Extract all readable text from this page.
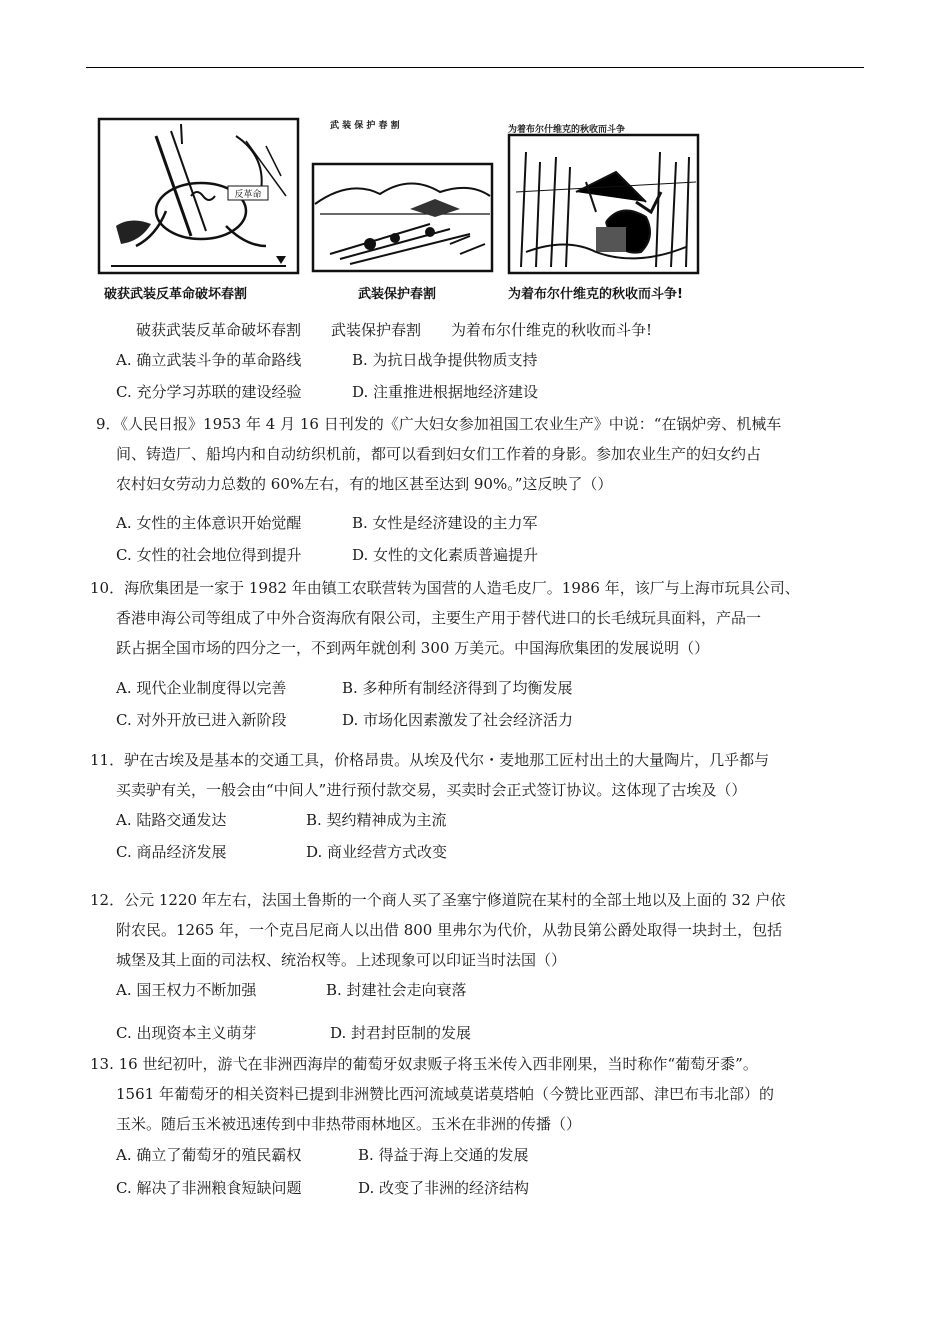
反革命
武 装 保 护 春 割	为着布尔什维克的秋收而斗争
破获武装反革命破坏春割	武装保护春割	为着布尔什维克的秋收而斗争!
破获武装反革命破坏春割　　武装保护春割　　为着布尔什维克的秋收而斗争!
A. 确立武装斗争的革命路线	B. 为抗日战争提供物质支持
C. 充分学习苏联的建设经验	D. 注重推进根据地经济建设
9．《人民日报》1953 年 4 月 16 日刊发的《广大妇女参加祖国工农业生产》中说：“在锅炉旁、机械车
间、铸造厂、船坞内和自动纺织机前，都可以看到妇女们工作着的身影。参加农业生产的妇女约占
农村妇女劳动力总数的 60%左右，有的地区甚至达到 90%。”这反映了（）
A. 女性的主体意识开始觉醒	B. 女性是经济建设的主力军
C. 女性的社会地位得到提升	D. 女性的文化素质普遍提升
10．海欣集团是一家于 1982 年由镇工农联营转为国营的人造毛皮厂。1986 年，该厂与上海市玩具公司、
香港申海公司等组成了中外合资海欣有限公司，主要生产用于替代进口的长毛绒玩具面料，产品一
跃占据全国市场的四分之一，不到两年就创利 300 万美元。中国海欣集团的发展说明（）
A. 现代企业制度得以完善	B. 多种所有制经济得到了均衡发展
C. 对外开放已进入新阶段	D. 市场化因素激发了社会经济活力
11．驴在古埃及是基本的交通工具，价格昂贵。从埃及代尔・麦地那工匠村出土的大量陶片，几乎都与
买卖驴有关，一般会由“中间人”进行预付款交易，买卖时会正式签订协议。这体现了古埃及（）
A. 陆路交通发达	B. 契约精神成为主流
C. 商品经济发展	D. 商业经营方式改变
12．公元 1220 年左右，法国土鲁斯的一个商人买了圣塞宁修道院在某村的全部土地以及上面的 32 户依
附农民。1265 年，一个克吕尼商人以出借 800 里弗尔为代价，从勃艮第公爵处取得一块封土，包括
城堡及其上面的司法权、统治权等。上述现象可以印证当时法国（）
A. 国王权力不断加强	B. 封建社会走向衰落
C. 出现资本主义萌芽	D. 封君封臣制的发展
13. 16 世纪初叶，游弋在非洲西海岸的葡萄牙奴隶贩子将玉米传入西非刚果，当时称作“葡萄牙黍”。
1561 年葡萄牙的相关资料已提到非洲赞比西河流域莫诺莫塔帕（今赞比亚西部、津巴布韦北部）的
玉米。随后玉米被迅速传到中非热带雨林地区。玉米在非洲的传播（）
A. 确立了葡萄牙的殖民霸权	B. 得益于海上交通的发展
C. 解决了非洲粮食短缺问题	D. 改变了非洲的经济结构
